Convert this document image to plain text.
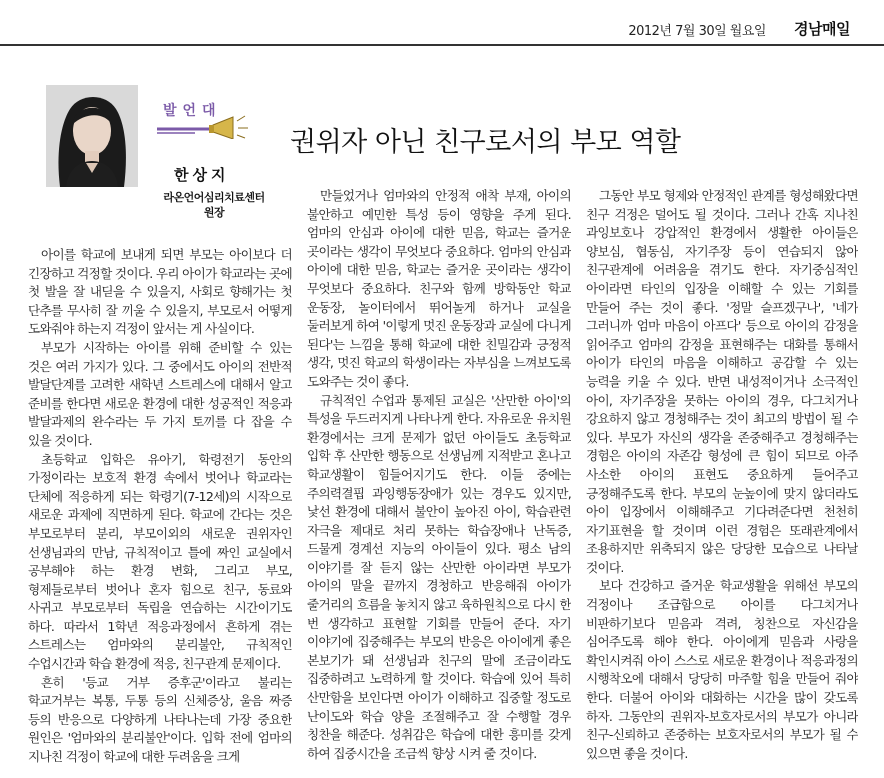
2012년 7월 30일 월요일 경남매일
발언대
한상지
라온언어심리치료센터
원장
권위자 아닌 친구로서의 부모 역할

아이를 학교에 보내게 되면 부모는 아이보다 더 긴장하고 걱정할 것이다. 우리 아이가 학교라는 곳에 첫 발을 잘 내딛을 수 있을지, 사회로 향해가는 첫 단추를 무사히 잘 끼울 수 있을지, 부모로서 어떻게 도와줘야 하는지 걱정이 앞서는 게 사실이다.

부모가 시작하는 아이를 위해 준비할 수 있는 것은 여러 가지가 있다. 그 중에서도 아이의 전반적 발달단계를 고려한 새학년 스트레스에 대해서 알고 준비를 한다면 새로운 환경에 대한 성공적인 적응과 발달과제의 완수라는 두 가지 토끼를 다 잡을 수 있을 것이다.

초등학교 입학은 유아기, 학령전기 동안의 가정이라는 보호적 환경 속에서 벗어나 학교라는 단체에 적응하게 되는 학령기(7-12세)의 시작으로 새로운 과제에 직면하게 된다. 학교에 간다는 것은 부모로부터 분리, 부모이외의 새로운 권위자인 선생님과의 만남, 규칙적이고 틀에 짜인 교실에서 공부해야 하는 환경 변화, 그리고 부모, 형제들로부터 벗어나 혼자 힘으로 친구, 동료와 사귀고 부모로부터 독립을 연습하는 시간이기도 하다. 따라서 1학년 적응과정에서 흔하게 겪는 스트레스는 엄마와의 분리불안, 규칙적인 수업시간과 학습 환경에 적응, 친구관계 문제이다.

흔히 '등교 거부 증후군'이라고 불리는 학교거부는 복통, 두통 등의 신체증상, 울음 짜증 등의 반응으로 다양하게 나타나는데 가장 중요한 원인은 '엄마와의 분리불안'이다. 입학 전에 엄마의 지나친 걱정이 학교에 대한 두려움을 크게

만들었거나 엄마와의 안정적 애착 부재, 아이의 불안하고 예민한 특성 등이 영향을 주게 된다. 엄마의 안심과 아이에 대한 믿음, 학교는 즐거운 곳이라는 생각이 무엇보다 중요하다. 엄마의 안심과 아이에 대한 믿음, 학교는 즐거운 곳이라는 생각이 무엇보다 중요하다. 친구와 함께 방학동안 학교 운동장, 놀이터에서 뛰어놀게 하거나 교실을 둘러보게 하여 '이렇게 멋진 운동장과 교실에 다니게 된다'는 느낌을 통해 학교에 대한 친밀감과 긍정적 생각, 멋진 학교의 학생이라는 자부심을 느껴보도록 도와주는 것이 좋다.

규칙적인 수업과 통제된 교실은 '산만한 아이'의 특성을 두드러지게 나타나게 한다. 자유로운 유치원 환경에서는 크게 문제가 없던 아이들도 초등학교 입학 후 산만한 행동으로 선생님께 지적받고 혼나고 학교생활이 힘들어지기도 한다. 이들 중에는 주의력결핍 과잉행동장애가 있는 경우도 있지만, 낯선 환경에 대해서 불안이 높아진 아이, 학습관련 자극을 제대로 처리 못하는 학습장애나 난독증, 드물게 경계선 지능의 아이들이 있다. 평소 남의 이야기를 잘 듣지 않는 산만한 아이라면 부모가 아이의 말을 끝까지 경청하고 반응해줘 아이가 줄거리의 흐름을 놓치지 않고 육하원칙으로 다시 한 번 생각하고 표현할 기회를 만들어 준다. 자기 이야기에 집중해주는 부모의 반응은 아이에게 좋은 본보기가 돼 선생님과 친구의 말에 조금이라도 집중하려고 노력하게 할 것이다. 학습에 있어 특히 산만함을 보인다면 아이가 이해하고 집중할 정도로 난이도와 학습 양을 조절해주고 잘 수행할 경우 칭찬을 해준다. 성취감은 학습에 대한 흥미를 갖게 하여 집중시간을 조금씩 향상 시켜 줄 것이다.

그동안 부모 형제와 안정적인 관계를 형성해왔다면 친구 걱정은 덜어도 될 것이다. 그러나 간혹 지나친 과잉보호나 강압적인 환경에서 생활한 아이들은 양보심, 협동심, 자기주장 등이 연습되지 않아 친구관계에 어려움을 겪기도 한다. 자기중심적인 아이라면 타인의 입장을 이해할 수 있는 기회를 만들어 주는 것이 좋다. '정말 슬프겠구나', '네가 그러니까 엄마 마음이 아프다' 등으로 아이의 감정을 읽어주고 엄마의 감정을 표현해주는 대화를 통해서 아이가 타인의 마음을 이해하고 공감할 수 있는 능력을 키울 수 있다. 반면 내성적이거나 소극적인 아이, 자기주장을 못하는 아이의 경우, 다그치거나 강요하지 않고 경청해주는 것이 최고의 방법이 될 수 있다. 부모가 자신의 생각을 존중해주고 경청해주는 경험은 아이의 자존감 형성에 큰 힘이 되므로 아주 사소한 아이의 표현도 중요하게 들어주고 긍정해주도록 한다. 부모의 눈높이에 맞지 않더라도 아이 입장에서 이해해주고 기다려준다면 천천히 자기표현을 할 것이며 이런 경험은 또래관계에서 조용하지만 위축되지 않은 당당한 모습으로 나타날 것이다.

보다 건강하고 즐거운 학교생활을 위해선 부모의 걱정이나 조급함으로 아이를 다그치거나 비판하기보다 믿음과 격려, 칭찬으로 자신감을 심어주도록 해야 한다. 아이에게 믿음과 사랑을 확인시켜줘 아이 스스로 새로운 환경이나 적응과정의 시행착오에 대해서 당당히 마주할 힘을 만들어 줘야 한다. 더불어 아이와 대화하는 시간을 많이 갖도록 하자. 그동안의 권위자-보호자로서의 부모가 아니라 친구-신뢰하고 존중하는 보호자로서의 부모가 될 수 있으면 좋을 것이다.
